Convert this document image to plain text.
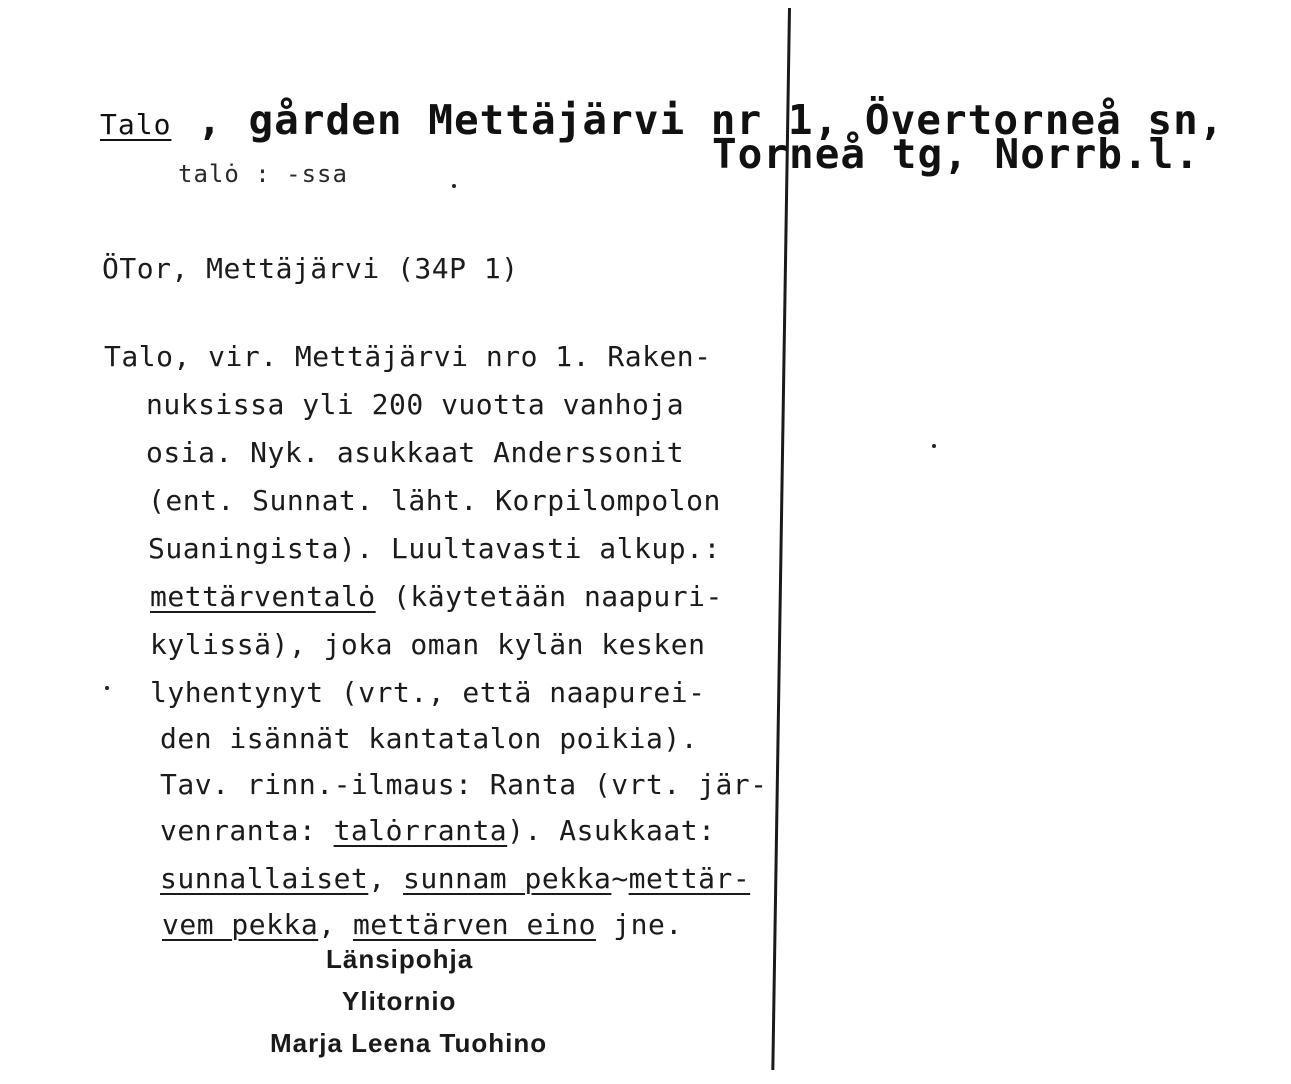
Talo , gården Mettäjärvi nr 1, Övertorneå sn,
Torneå tg, Norrb.l.
talȯ : -ssa
ÖTor, Mettäjärvi (34P 1)
Talo, vir. Mettäjärvi nro 1. Raken-
nuksissa yli 200 vuotta vanhoja
osia. Nyk. asukkaat Anderssonit
(ent. Sunnat. läht. Korpilompolon
Suaningista). Luultavasti alkup.:
mettärventalȯ (käytetään naapuri-
kylissä), joka oman kylän kesken
lyhentynyt (vrt., että naapurei-
den isännät kantatalon poikia).
Tav. rinn.-ilmaus: Ranta (vrt. jär-
venranta: talȯrranta). Asukkaat:
sunnallaiset, sunnam pekka~mettär-
vem pekka, mettärven eino jne.
Länsipohja
Ylitornio
Marja Leena Tuohino
